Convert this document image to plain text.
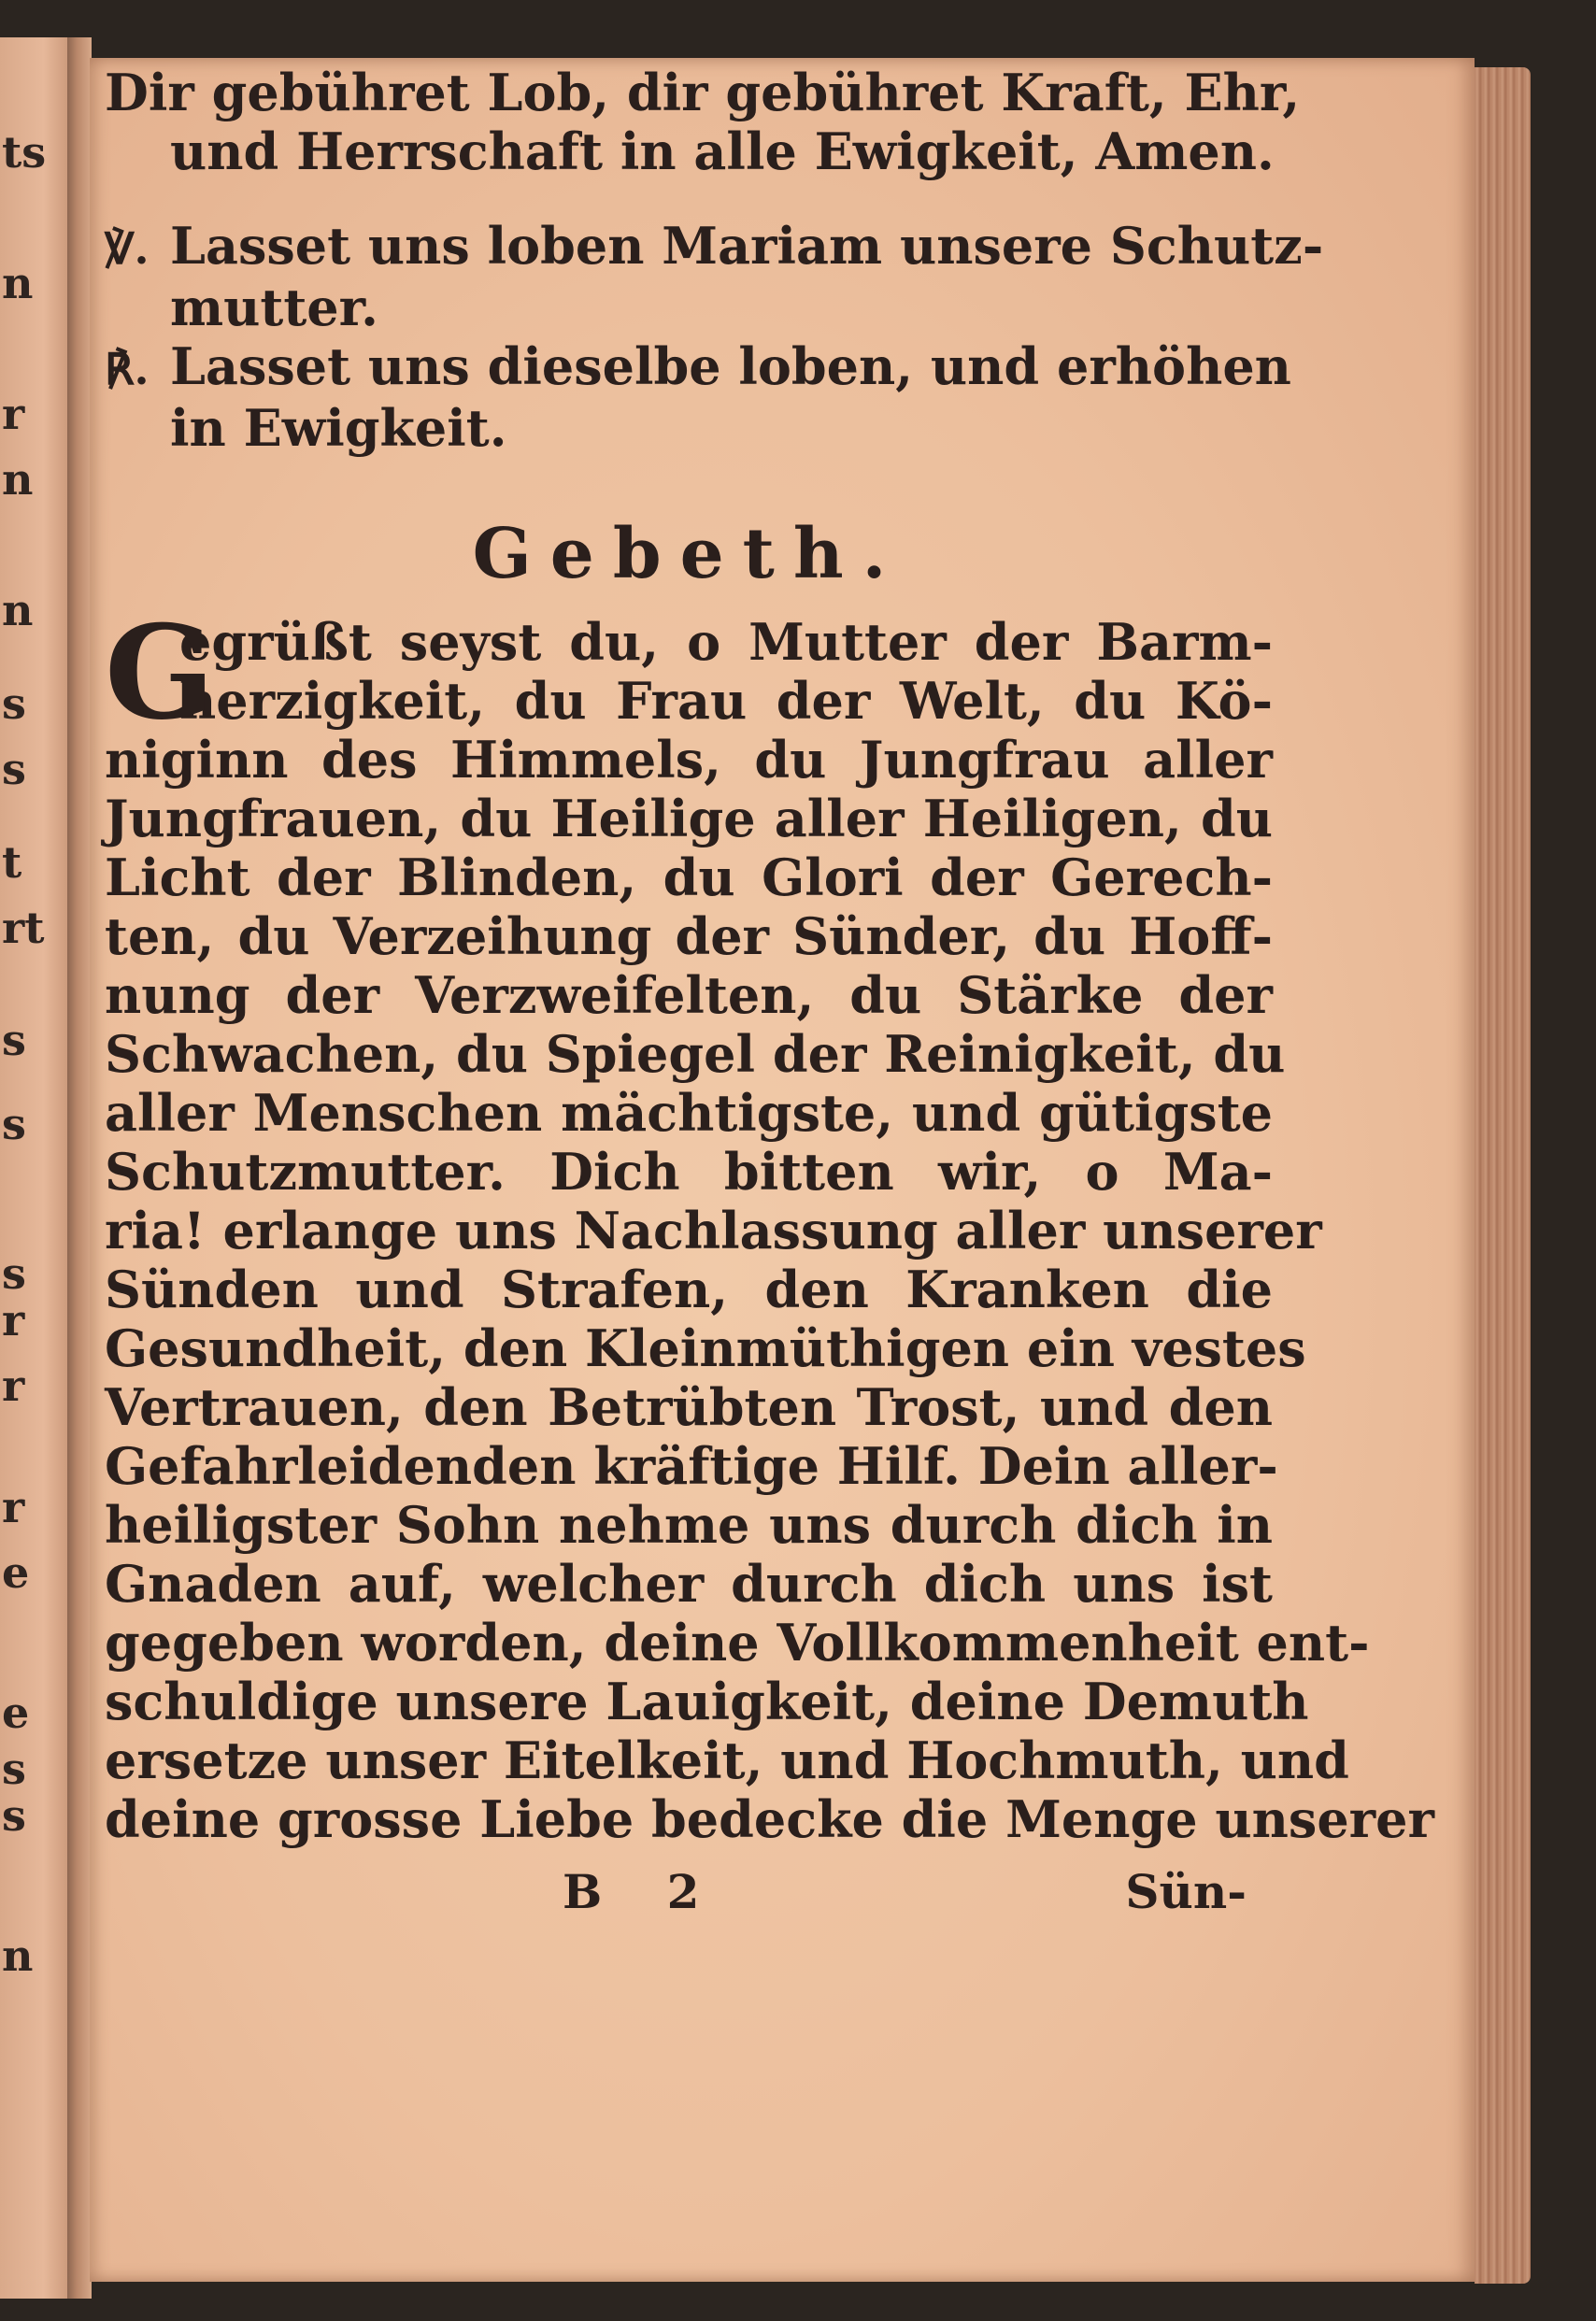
ts
n
r
n
n
s
s
t
rt
s
s
s
r
r
r
e
e
s
s
n
Dir gebühret Lob, dir gebühret Kraft, Ehr,
und Herrschaft in alle Ewigkeit, Amen.
℣. Lasset uns loben Mariam unsere Schutz-
mutter.
℟. Lasset uns dieselbe loben, und erhöhen
in Ewigkeit.
Gebeth.
G
egrüßt seyst du, o Mutter der Barm-
herzigkeit, du Frau der Welt, du Kö-
niginn des Himmels, du Jungfrau aller
Jungfrauen, du Heilige aller Heiligen, du
Licht der Blinden, du Glori der Gerech-
ten, du Verzeihung der Sünder, du Hoff-
nung der Verzweifelten, du Stärke der
Schwachen, du Spiegel der Reinigkeit, du
aller Menschen mächtigste, und gütigste
Schutzmutter. Dich bitten wir, o Ma-
ria! erlange uns Nachlassung aller unserer
Sünden und Strafen, den Kranken die
Gesundheit, den Kleinmüthigen ein vestes
Vertrauen, den Betrübten Trost, und den
Gefahrleidenden kräftige Hilf. Dein aller-
heiligster Sohn nehme uns durch dich in
Gnaden auf, welcher durch dich uns ist
gegeben worden, deine Vollkommenheit ent-
schuldige unsere Lauigkeit, deine Demuth
ersetze unser Eitelkeit, und Hochmuth, und
deine grosse Liebe bedecke die Menge unserer
B 2	Sün-
